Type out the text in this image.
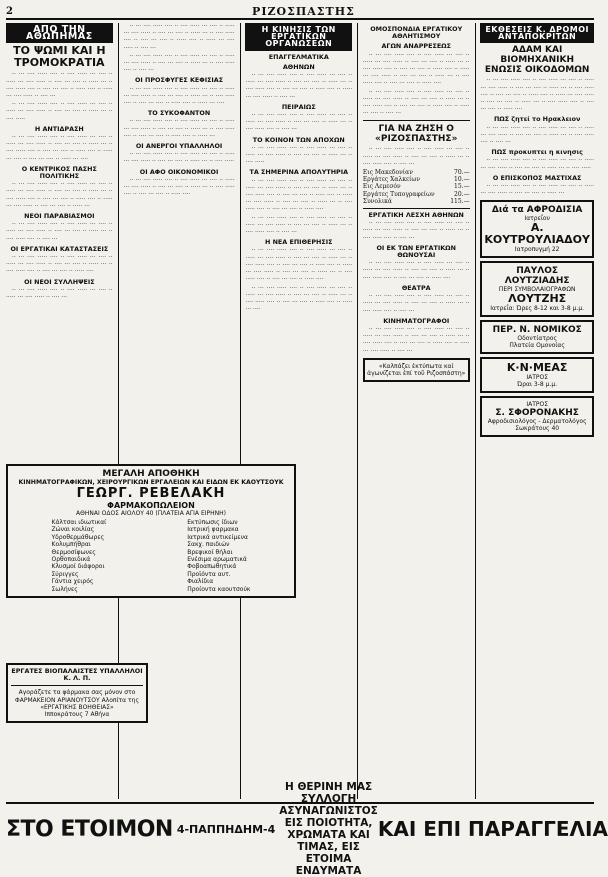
2	ΡΙΖΟΣΠΑΣΤΗΣ
ΑΠΟ ΤΗΝ ΑΘΩΠΗΜΑΣ
ΤΟ ΨΩΜΙ ΚΑΙ Η ΤΡΟΜΟΚΡΑΤΙΑ

·· ··· ···· ····· ···· ·· ···· ····· ··· ···· ·· ····· ··· ···· ····· ·· ···· ··· ···· ·· ····· ··· ·· ···· ····· ···· ·· ···· ··· ···· ·· ····· ···· ·· ····· ··· ···· ····· ·· ···· ···

·· ··· ···· ····· ···· ·· ···· ····· ··· ···· ·· ····· ··· ···· ····· ·· ···· ··· ···· ·· ····· ··· ·· ···· ·····

Η ΑΝΤΙΔΡΑΣΗ

·· ··· ···· ····· ···· ·· ···· ····· ··· ···· ·· ····· ··· ···· ····· ·· ···· ··· ···· ·· ····· ··· ·· ···· ····· ···· ·· ···· ··· ···· ·· ····· ···· ·· ····· ··· ···· ·· ···· ··· ···· ·· ····· ··· ····

Ο ΚΕΝΤΡΙΚΟΣ ΠΑΣΗΣ ΠΟΛΙΤΙΚΗΣ

·· ··· ···· ····· ···· ·· ···· ····· ··· ···· ·· ····· ··· ···· ····· ·· ···· ··· ···· ·· ····· ··· ·· ···· ····· ···· ·· ···· ··· ···· ·· ····· ···· ·· ····· ··· ···· ····· ·· ···· ··· ···· ·· ····· ···

ΝΕΟΙ ΠΑΡΑΒΙΑΣΜΟΙ

·· ··· ···· ····· ···· ·· ···· ····· ··· ···· ·· ····· ··· ···· ····· ·· ···· ··· ···· ·· ····· ··· ·· ···· ····· ···· ·· ···· ···

ΟΙ ΕΡΓΑΤΙΚΑΙ ΚΑΤΑΣΤΑΣΕΙΣ

·· ··· ···· ····· ···· ·· ···· ····· ··· ···· ·· ····· ··· ···· ····· ·· ···· ··· ···· ·· ····· ··· ·· ···· ····· ···· ·· ···· ··· ···· ·· ····· ····

ΟΙ ΝΕΟΙ ΣΥΛΛΗΨΕΙΣ

·· ··· ···· ····· ···· ·· ···· ····· ··· ···· ·· ····· ··· ···· ····· ·· ···· ···

ΕΡΓΑΤΕΣ ΒΙΟΠΑΛΑΙΣΤΕΣ ΥΠΑΛΛΗΛΟΙ Κ. Λ. Π.
Αγοράζετε τα φάρμακα σας μόνον στο ΦΑΡΜΑΚΕΙΟΝ ΑΡΙΑΝΟΥΤΣΟΥ Αλοπίτα της «ΕΡΓΑΤΙΚΗΣ ΒΟΗΘΕΙΑΣ»
Ιπποκράτους 7 Αθήνα

·· ··· ···· ····· ···· ·· ···· ····· ··· ···· ·· ····· ··· ···· ····· ·· ···· ··· ···· ·· ····· ··· ·· ···· ····· ···· ·· ···· ··· ···· ·· ····· ···· ·· ····· ··· ···· ····· ·· ···· ···

·· ··· ···· ····· ···· ·· ···· ····· ··· ···· ·· ····· ··· ···· ····· ·· ···· ··· ···· ·· ····· ··· ·· ···· ····· ···· ·· ···· ···

ΟΙ ΠΡΟΣΦΥΓΕΣ ΚΕΦΙΣΙΑΣ

·· ··· ···· ····· ···· ·· ···· ····· ··· ···· ·· ····· ··· ···· ····· ·· ···· ··· ···· ·· ····· ··· ·· ···· ····· ···· ·· ···· ··· ···· ·· ····· ···· ·· ····· ··· ····

ΤΟ ΣΥΚΟΦΑΝΤΟΝ

·· ··· ···· ····· ···· ·· ···· ····· ··· ···· ·· ····· ··· ···· ····· ·· ···· ··· ···· ·· ····· ··· ·· ···· ····· ···· ·· ···· ··· ···· ·· ····· ···· ·· ····· ···

ΟΙ ΑΝΕΡΓΟΙ ΥΠΑΛΛΗΛΟΙ

·· ··· ···· ····· ···· ·· ···· ····· ··· ···· ·· ····· ··· ···· ····· ·· ···· ··· ···· ·· ····· ··· ·· ···· ·····

ΟΙ ΑΦΟ ΟΙΚΟΝΟΜΙΚΟΙ

·· ··· ···· ····· ···· ·· ···· ····· ··· ···· ·· ····· ··· ···· ····· ·· ···· ··· ···· ·· ····· ··· ·· ···· ····· ···· ·· ···· ··· ···· ·· ····· ····

Η ΚΙΝΗΣΙΣ ΤΩΝ ΕΡΓΑΤΙΚΩΝ ΟΡΓΑΝΩΣΕΩΝ
ΕΠΑΓΓΕΛΜΑΤΙΚΑ
ΑΘΗΝΩΝ

·· ··· ···· ····· ···· ·· ···· ····· ··· ···· ·· ····· ··· ···· ····· ·· ···· ··· ···· ·· ····· ··· ·· ···· ····· ···· ·· ···· ··· ···· ·· ····· ···· ·· ····· ··· ···· ····· ·· ···· ···

ΠΕΙΡΑΙΩΣ

·· ··· ···· ····· ···· ·· ···· ····· ··· ···· ·· ····· ··· ···· ····· ·· ···· ··· ···· ·· ····· ··· ·· ···· ····· ···· ·· ···· ···

ΤΟ ΚΟΙΝΟΝ ΤΩΝ ΑΠΟΧΩΝ

·· ··· ···· ····· ···· ·· ···· ····· ··· ···· ·· ····· ··· ···· ····· ·· ···· ··· ···· ·· ····· ··· ·· ···· ·····

ΤΑ ΣΗΜΕΡΙΝΑ ΑΠΟΛΥΤΗΡΙΑ

·· ··· ···· ····· ···· ·· ···· ····· ··· ···· ·· ····· ··· ···· ····· ·· ···· ··· ···· ·· ····· ··· ·· ···· ····· ···· ·· ···· ··· ···· ·· ····· ···· ·· ····· ··· ···· ····· ·· ···· ··· ···· ·· ····· ··· ·· ···· ····· ···· ·· ···· ··· ···· ·· ····· ····

·· ··· ···· ····· ···· ·· ···· ····· ··· ···· ·· ····· ··· ···· ····· ·· ···· ··· ···· ·· ····· ··· ·· ···· ····· ···· ·· ···· ···

Η ΝΕΑ ΕΠΙΘΕΡΗΣΙΣ

·· ··· ···· ····· ···· ·· ···· ····· ··· ···· ·· ····· ··· ···· ····· ·· ···· ··· ···· ·· ····· ··· ·· ···· ····· ···· ·· ···· ··· ···· ·· ····· ···· ·· ····· ··· ···· ····· ·· ···· ··· ···· ·· ····· ··· ·· ···· ····· ···· ·· ···· ··· ···· ·· ····· ····

·· ··· ···· ····· ···· ·· ···· ····· ··· ···· ·· ····· ··· ···· ····· ·· ···· ··· ···· ·· ····· ··· ·· ···· ····· ···· ·· ···· ··· ···· ·· ····· ···· ·· ····· ··· ····

ΟΜΟΣΠΟΝΔΙΑ ΕΡΓΑΤΙΚΟΥ ΑΘΛΗΤΙΣΜΟΥ
ΑΓΩΝ ΑΝΑΡΡΕΣΕΩΣ

·· ··· ···· ····· ···· ·· ···· ····· ··· ···· ·· ····· ··· ···· ····· ·· ···· ··· ···· ·· ····· ··· ·· ···· ····· ···· ·· ···· ··· ···· ·· ····· ···· ·· ····· ··· ···· ····· ·· ···· ··· ···· ·· ····· ··· ·· ···· ····· ···· ·· ···· ··· ···· ·· ····· ····

·· ··· ···· ····· ···· ·· ···· ····· ··· ···· ·· ····· ··· ···· ····· ·· ···· ··· ···· ·· ····· ··· ·· ···· ····· ···· ·· ···· ··· ···· ·· ····· ···· ·· ····· ··· ···· ·· ···· ···

ΓΙΑ ΝΑ ΖΗΣΗ Ο «ΡΙΖΟΣΠΑΣΤΗΣ»

·· ··· ···· ····· ···· ·· ···· ····· ··· ···· ·· ····· ··· ···· ····· ·· ···· ··· ···· ·· ····· ··· ·· ···· ····· ···· ·· ···· ···

Εις Μακεδονίαν	70.—
Εργάτες Χαλκείων	10.—
Εις Λεμεσόν	15.—
Εργάτες Τυπογραφείων	20.—
Συνολικά	115.—
ΕΡΓΑΤΙΚΗ ΛΕΣΧΗ ΑΘΗΝΩΝ

·· ··· ···· ····· ···· ·· ···· ····· ··· ···· ·· ····· ··· ···· ····· ·· ···· ··· ···· ·· ····· ··· ·· ···· ····· ···· ·· ···· ···

ΟΙ ΕΚ ΤΩΝ ΕΡΓΑΤΙΚΩΝ ΘΩΝΟΥΣΑΙ

·· ··· ···· ····· ···· ·· ···· ····· ··· ···· ·· ····· ··· ···· ····· ·· ···· ··· ···· ·· ····· ··· ·· ···· ····· ···· ·· ···· ··· ···· ·· ····· ····

ΘΕΑΤΡΑ

·· ··· ···· ····· ···· ·· ···· ····· ··· ···· ·· ····· ··· ···· ····· ·· ···· ··· ···· ·· ····· ··· ·· ···· ····· ···· ·· ···· ···

ΚΙΝΗΜΑΤΟΓΡΑΦΟΙ

·· ··· ···· ····· ···· ·· ···· ····· ··· ···· ·· ····· ··· ···· ····· ·· ···· ··· ···· ·· ····· ··· ·· ···· ····· ···· ·· ···· ··· ···· ·· ····· ···· ·· ····· ··· ···· ····· ·· ···· ···

«Καλπάζει ἐκτύπωτα καί ἀγωνίζεται ἐπί τοῦ Ριζοσπάστη»
ΕΚΘΕΣΕΙΣ Κ. ΔΡΟΜΟΙ ΑΝΤΑΠΟΚΡΙΤΩΝ
ΑΔΑΜ ΚΑΙ ΒΙΟΜΗΧΑΝΙΚΗ ΕΝΩΣΙΣ ΟΙΚΟΔΟΜΩΝ

·· ··· ···· ····· ···· ·· ···· ····· ··· ···· ·· ····· ··· ···· ····· ·· ···· ··· ···· ·· ····· ··· ·· ···· ····· ···· ·· ···· ··· ···· ·· ····· ···· ·· ····· ··· ···· ····· ·· ···· ··· ···· ·· ····· ··· ·· ···· ····· ···· ·· ···· ··· ···· ·· ····· ····

ΠΩΣ ζητεί το Ηρακλειον

·· ··· ···· ····· ···· ·· ···· ····· ··· ···· ·· ····· ··· ···· ····· ·· ···· ··· ···· ·· ····· ··· ·· ···· ····· ···· ·· ···· ···

ΠΩΣ προκυπτει η κινησις

·· ··· ···· ····· ···· ·· ···· ····· ··· ···· ·· ····· ··· ···· ····· ·· ···· ··· ···· ·· ····· ··· ·· ···· ·····

Ο ΕΠΙΣΚΟΠΟΣ ΜΑΣΤΙΧΑΣ

·· ··· ···· ····· ···· ·· ···· ····· ··· ···· ·· ····· ··· ···· ····· ·· ···· ··· ···· ·· ····· ···

Διά τα ΑΦΡΟΔΙΣΙΑ
Ιατρεΐον
Α. ΚΟΥΤΡΟΥΛΙΑΔΟΥ
Ιατροπυγμή 22
ΠΑΥΛΟΣ ΛΟΥΤΖΙΑΔΗΣ
ΠΕΡΙ ΣΥΜΒΟΛΑΙΟΓΡΑΦΩΝ
ΛΟΥΤΖΗΣ
Ιατρεΐα: Ώρες 8-12 και 3-8 μ.μ.
ΠΕΡ. Ν. ΝΟΜΙΚΟΣ
Οδοντίατρος
Πλατεία Ομονοίας
Κ·Ν·ΜΕΑΣ
ΙΑΤΡΟΣ
Ώραι 3-8 μ.μ.
ΙΑΤΡΟΣ
Σ. ΣΦΟΡΟΝΑΚΗΣ
Αφροδισιολόγος - Δερματολόγος
Σωκράτους 40
ΜΕΓΑΛΗ ΑΠΟΘΗΚΗ
ΚΙΝΗΜΑΤΟΓΡΑΦΙΚΩΝ, ΧΕΙΡΟΥΡΓΙΚΩΝ ΕΡΓΑΛΕΙΩΝ ΚΑΙ ΕΙΔΩΝ ΕΚ ΚΑΟΥΤΣΟΥΚ
ΓΕΩΡΓ. ΡΕΒΕΛΑΚΗ
ΦΑΡΜΑΚΟΠΩΛΕΙΟΝ
ΑΘΗΝΑΙ ΟΔΟΣ ΑΙΟΛΟΥ 40 (ΠΛΑΤΕΙΑ ΑΓΙΑ ΕΙΡΗΝΗ)
Κάλτσαι ιδιωτικαί
Ζώναι κοιλίας
Υδροθερμάθωρες
Κολυμπήθραι
Θερμοσίφωνες
Ορθοπαιδικά
Κλυσμοί διάφοροι
Σύριγγες
Γάντια χειρός
Σωλήνες
Εκτύπωσις ίδιων
Ιατρική φαρμακα
Ιατρικά αντικείμενα
Σακχ. παιδιών
Βρεφικοί θήλαι
Ενέσιμα αρωματικά
Φοβοαπωθητικά
Προϊόντα αυτ.
Φιαλίδια
Προίοντα καουτσούκ
ΣΤΟ ΕΤΟΙΜΟΝ 4-ΠΑΠΠΗΔΗΜ-4
Η ΘΕΡΙΝΗ ΜΑΣ ΣΥΛΛΟΓΗ ΑΣΥΝΑΓΩΝΙΣΤΟΣ ΕΙΣ ΠΟΙΟΤΗΤΑ, ΧΡΩΜΑΤΑ ΚΑΙ ΤΙΜΑΣ, ΕΙΣ ΕΤΟΙΜΑ ΕΝΔΥΜΑΤΑ
ΚΑΙ ΕΠΙ ΠΑΡΑΓΓΕΛΙΑ
